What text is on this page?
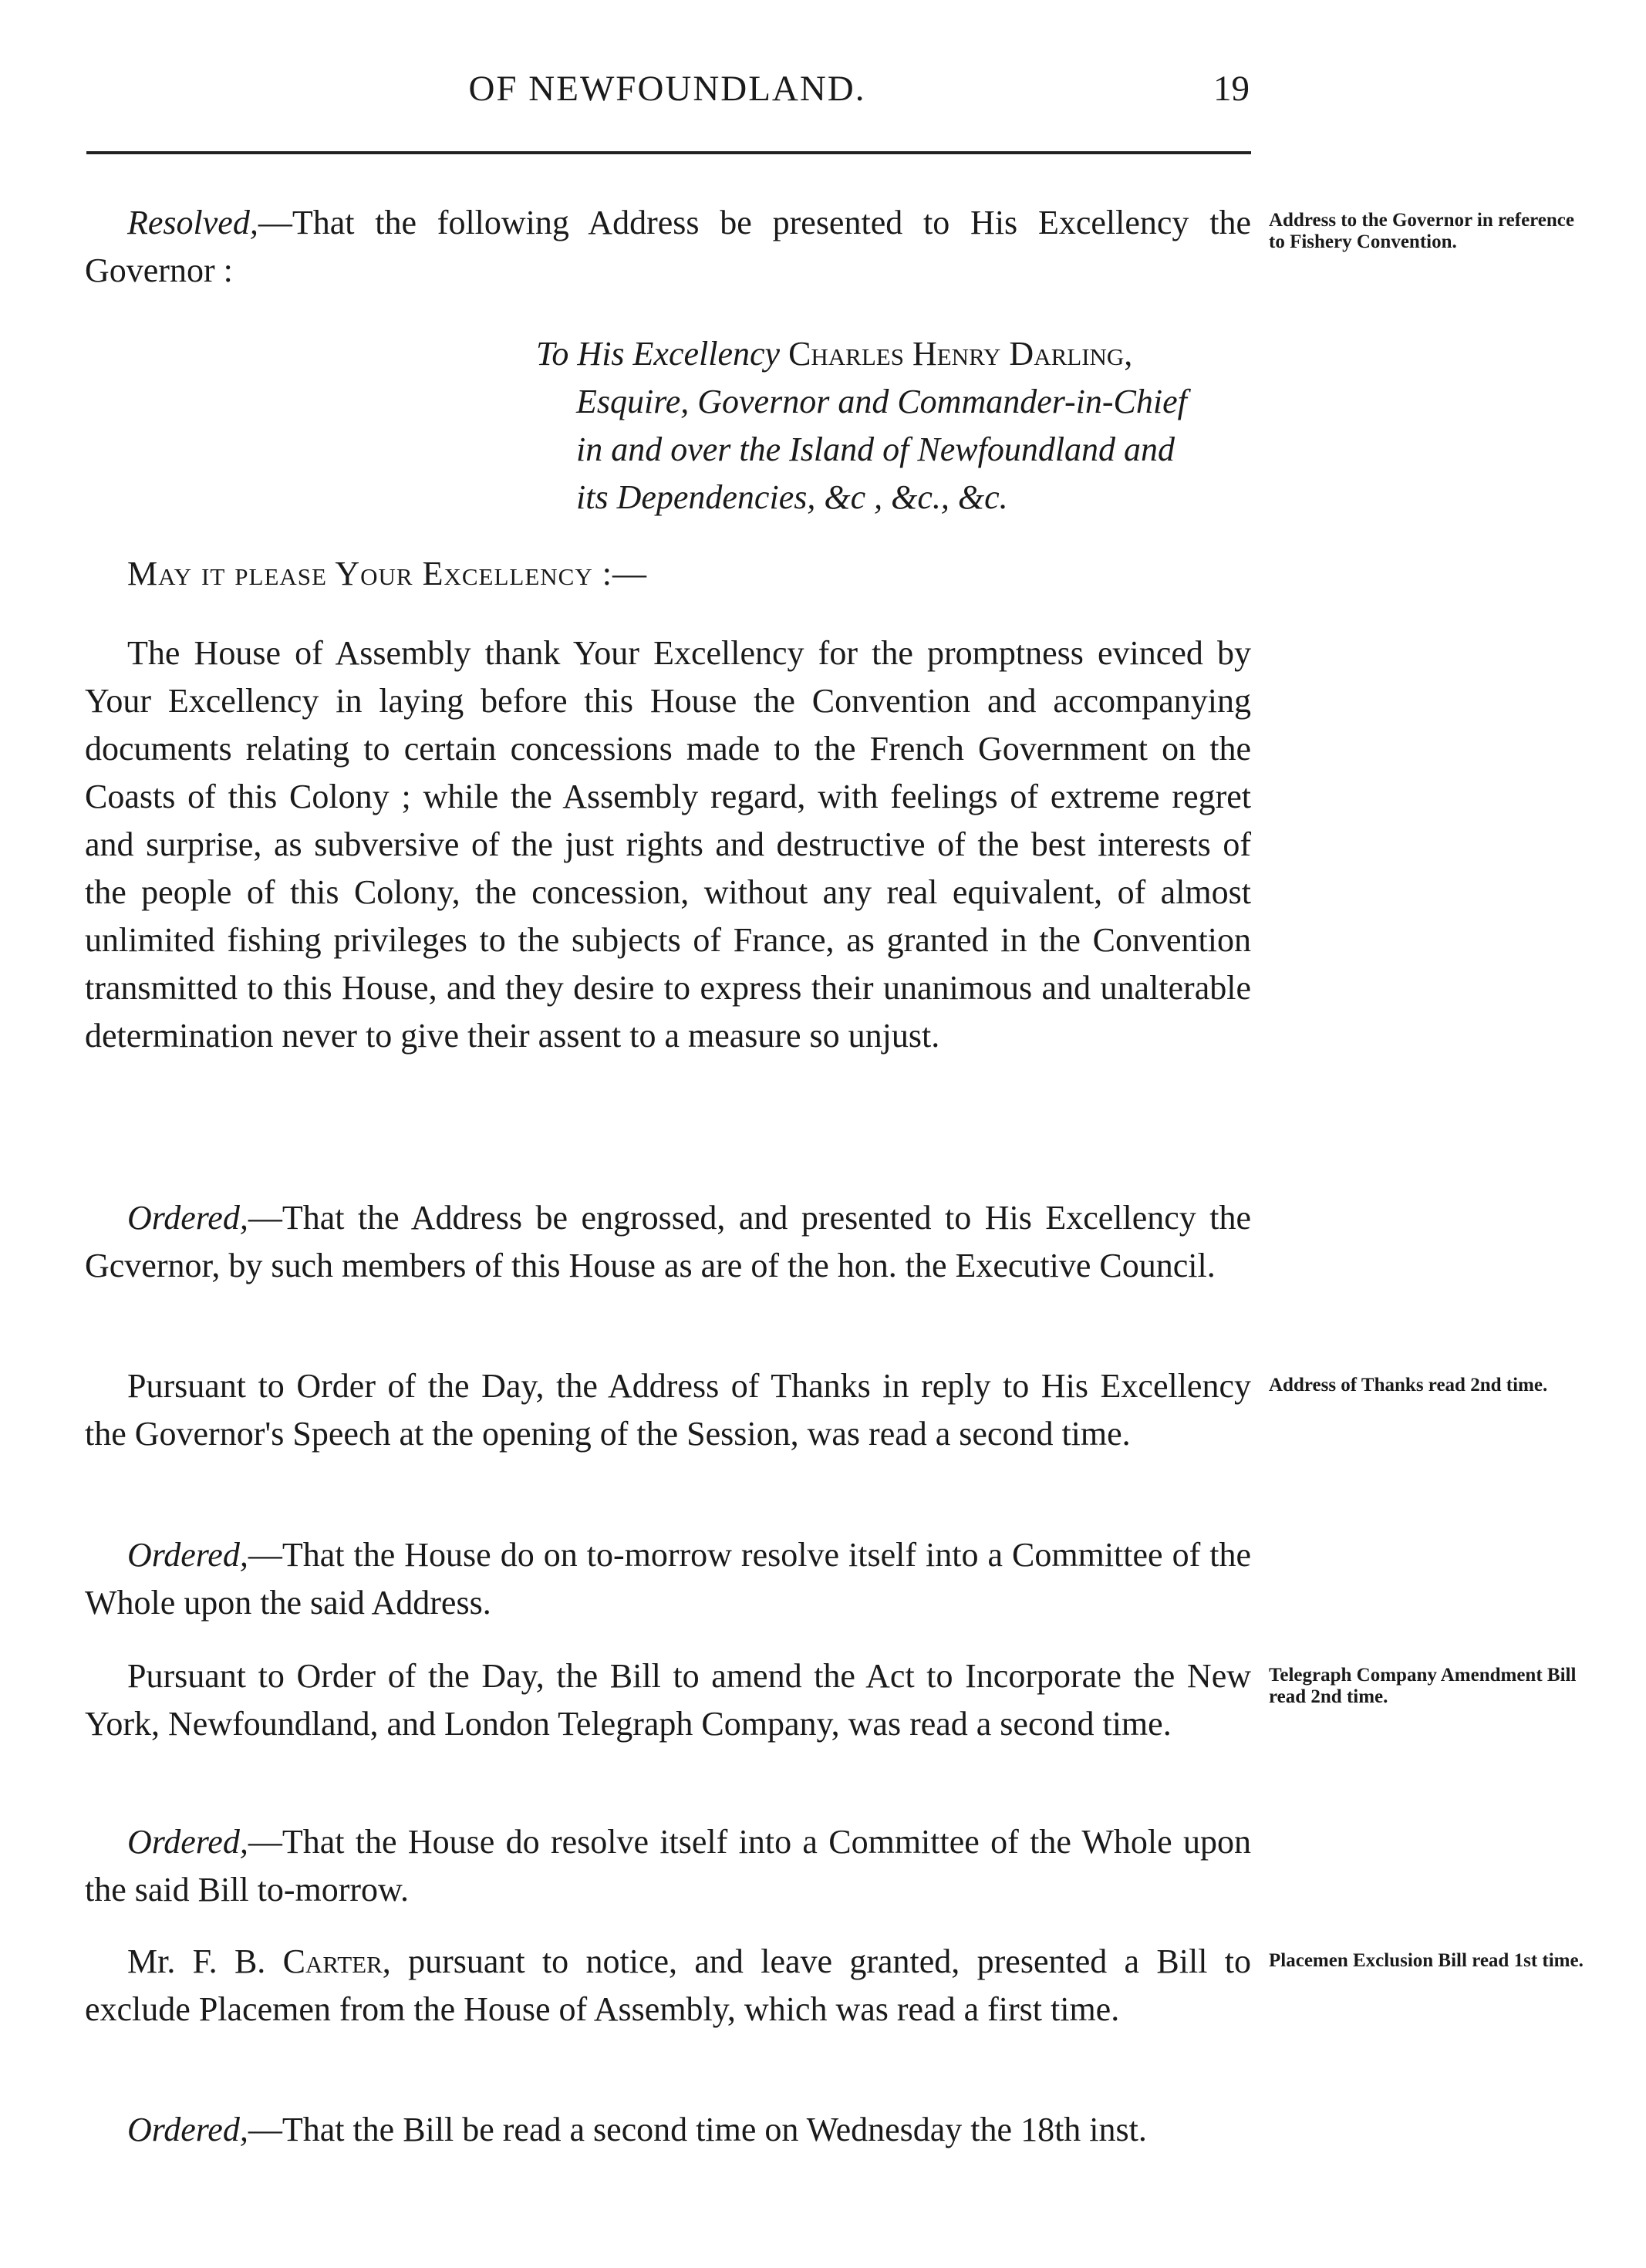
OF NEWFOUNDLAND.	19

Resolved,—That the following Address be presented to His Excellency the Governor :

Address to the Governor in reference to Fishery Convention.

To His Excellency Charles Henry Darling,
Esquire, Governor and Commander-in-Chief
in and over the Island of Newfoundland and
its Dependencies, &c , &c., &c.

May it please Your Excellency :—

The House of Assembly thank Your Excellency for the promptness evinced by Your Excellency in laying before this House the Convention and accompanying documents relating to certain concessions made to the French Government on the Coasts of this Colony ; while the Assembly regard, with feelings of extreme regret and surprise, as subversive of the just rights and destructive of the best interests of the people of this Colony, the concession, without any real equivalent, of almost unlimited fishing privileges to the subjects of France, as granted in the Convention transmitted to this House, and they desire to express their unanimous and unalterable determination never to give their assent to a measure so unjust.

Ordered,—That the Address be engrossed, and presented to His Excellency the Gcvernor, by such members of this House as are of the hon. the Executive Council.

Pursuant to Order of the Day, the Address of Thanks in reply to His Excellency the Governor's Speech at the opening of the Session, was read a second time.

Address of Thanks read 2nd time.

Ordered,—That the House do on to-morrow resolve itself into a Committee of the Whole upon the said Address.

Pursuant to Order of the Day, the Bill to amend the Act to Incorporate the New York, Newfoundland, and London Telegraph Company, was read a second time.

Telegraph Company Amendment Bill read 2nd time.

Ordered,—That the House do resolve itself into a Committee of the Whole upon the said Bill to-morrow.

Mr. F. B. Carter, pursuant to notice, and leave granted, presented a Bill to exclude Placemen from the House of Assembly, which was read a first time.

Placemen Exclusion Bill read 1st time.

Ordered,—That the Bill be read a second time on Wednesday the 18th inst.
